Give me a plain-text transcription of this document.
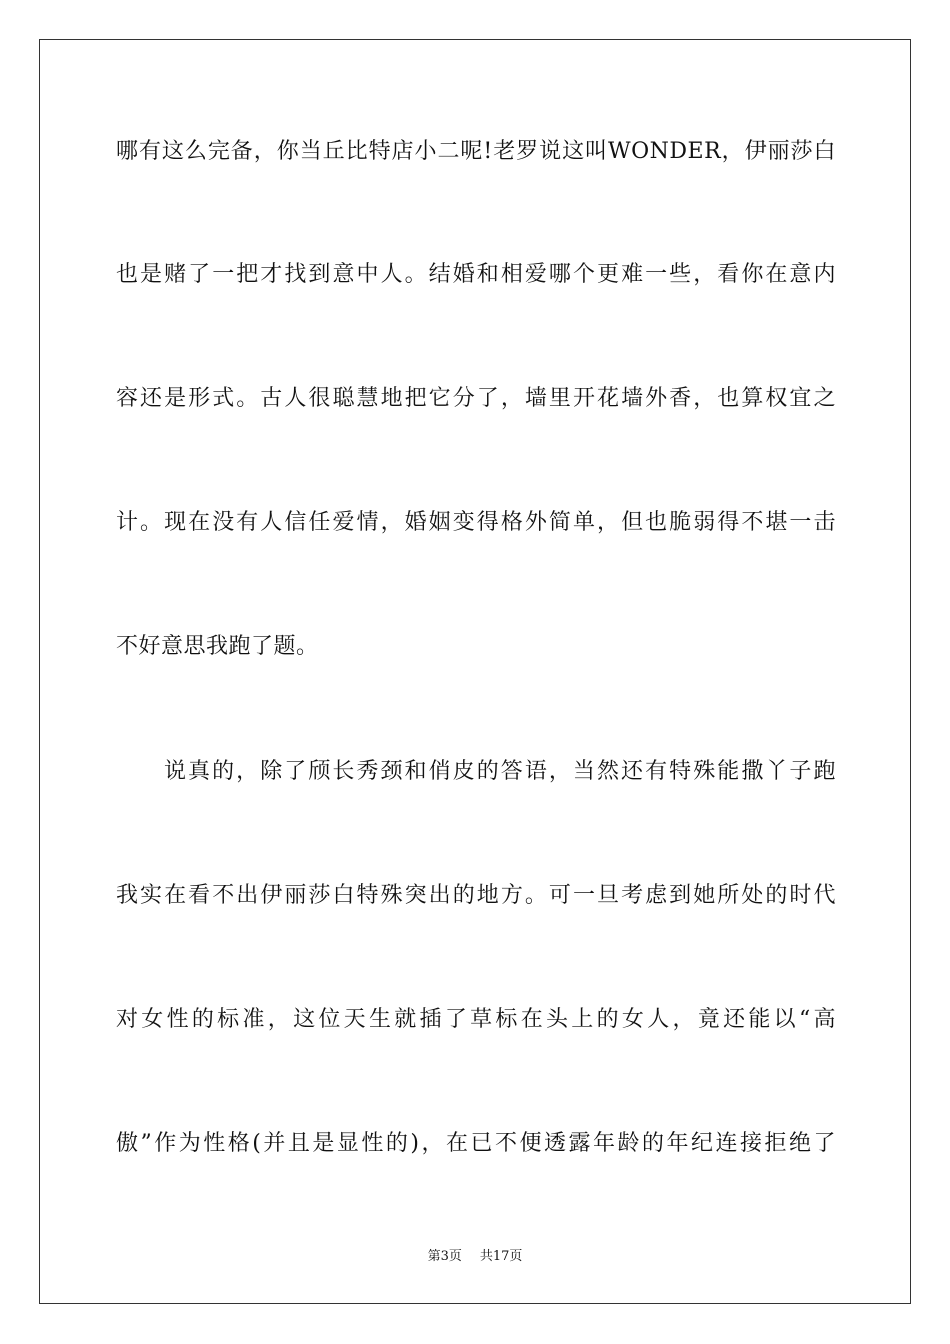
哪有这么完备，你当丘比特店小二呢!老罗说这叫WONDER，伊丽莎白
也是赌了一把才找到意中人。结婚和相爱哪个更难一些，看你在意内
容还是形式。古人很聪慧地把它分了，墙里开花墙外香，也算权宜之
计。现在没有人信任爱情，婚姻变得格外简单，但也脆弱得不堪一击
不好意思我跑了题。
说真的，除了颀长秀颈和俏皮的答语，当然还有特殊能撒丫子跑
我实在看不出伊丽莎白特殊突出的地方。可一旦考虑到她所处的时代
对女性的标准，这位天生就插了草标在头上的女人，竟还能以“高
傲”作为性格(并且是显性的)，在已不便透露年龄的年纪连接拒绝了
第3页 共17页
